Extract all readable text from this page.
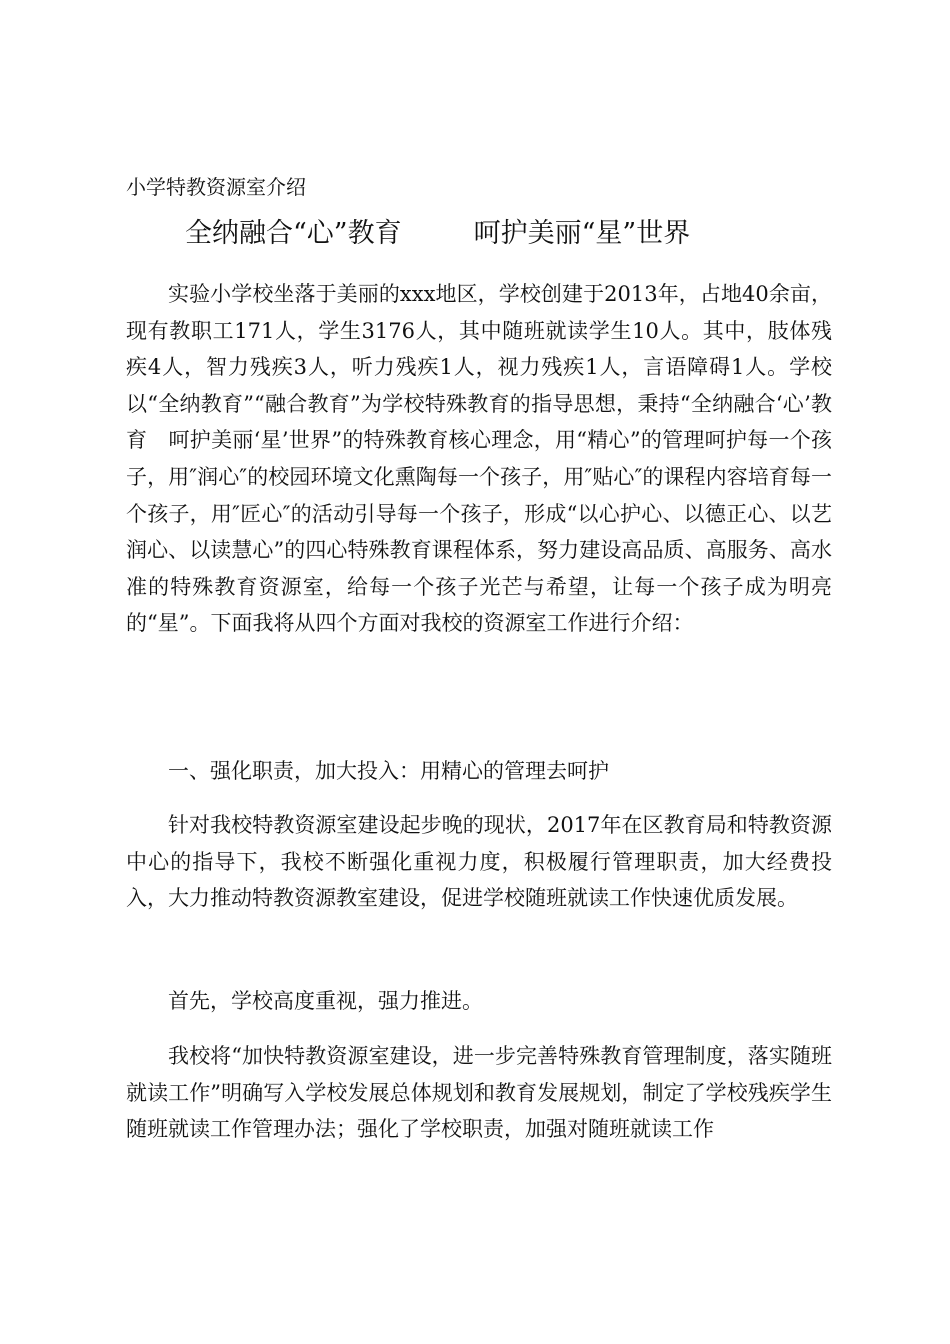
小学特教资源室介绍
全纳融合“心”教育	呵护美丽“星”世界

实验小学校坐落于美丽的xxx地区，学校创建于2013年，占地40余亩，现有教职工171人，学生3176人，其中随班就读学生10人。其中，肢体残疾4人，智力残疾3人，听力残疾1人，视力残疾1人，言语障碍1人。学校以“全纳教育”“融合教育”为学校特殊教育的指导思想，秉持“全纳融合‘心’教育　呵护美丽‘星’世界”的特殊教育核心理念，用“精心”的管理呵护每一个孩子，用″润心″的校园环境文化熏陶每一个孩子，用″贴心″的课程内容培育每一个孩子，用″匠心″的活动引导每一个孩子，形成“以心护心、以德正心、以艺润心、以读慧心”的四心特殊教育课程体系，努力建设高品质、高服务、高水准的特殊教育资源室，给每一个孩子光芒与希望，让每一个孩子成为明亮的“星”。下面我将从四个方面对我校的资源室工作进行介绍：

一、强化职责，加大投入：用精心的管理去呵护

针对我校特教资源室建设起步晚的现状，2017年在区教育局和特教资源中心的指导下，我校不断强化重视力度，积极履行管理职责，加大经费投入，大力推动特教资源教室建设，促进学校随班就读工作快速优质发展。

首先，学校高度重视，强力推进。

我校将“加快特教资源室建设，进一步完善特殊教育管理制度，落实随班就读工作”明确写入学校发展总体规划和教育发展规划，制定了学校残疾学生随班就读工作管理办法；强化了学校职责，加强对随班就读工作
